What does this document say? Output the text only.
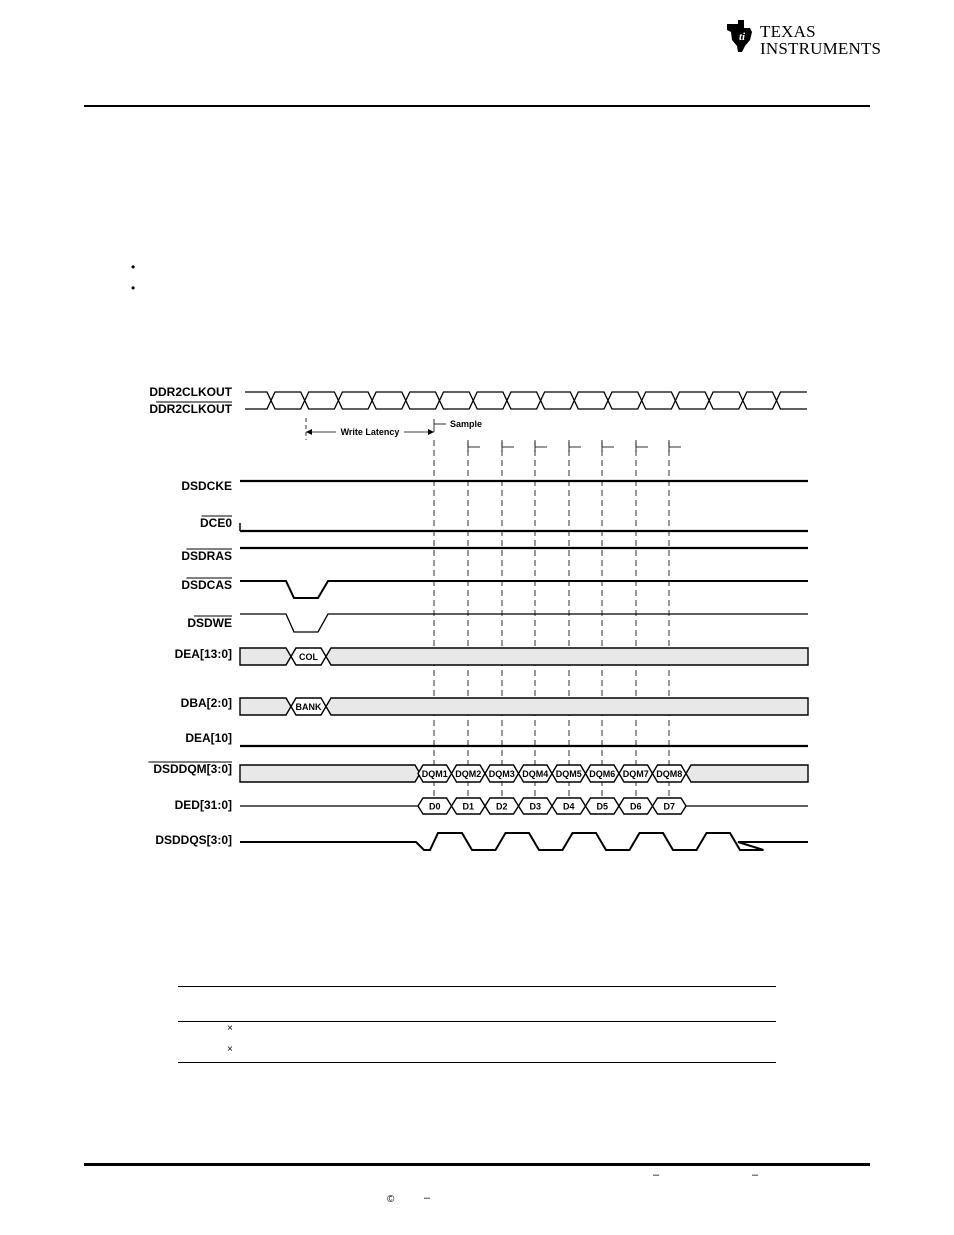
ti TEXAS
INSTRUMENTS
•
•
DDR2CLKOUT
DDR2CLKOUT
DSDCKE
DCE0
DSDRAS
DSDCAS
DSDWE
DEA[13:0]
DBA[2:0]
DEA[10]
DSDDQM[3:0]
DED[31:0]
DSDDQS[3:0]
COL
BANK
DQM1 DQM2 DQM3 DQM4 DQM5 DQM6 DQM7 DQM8
D0 D1 D2 D3 D4 D5 D6 D7
Write Latency
Sample
×
×
–	–
©	–
